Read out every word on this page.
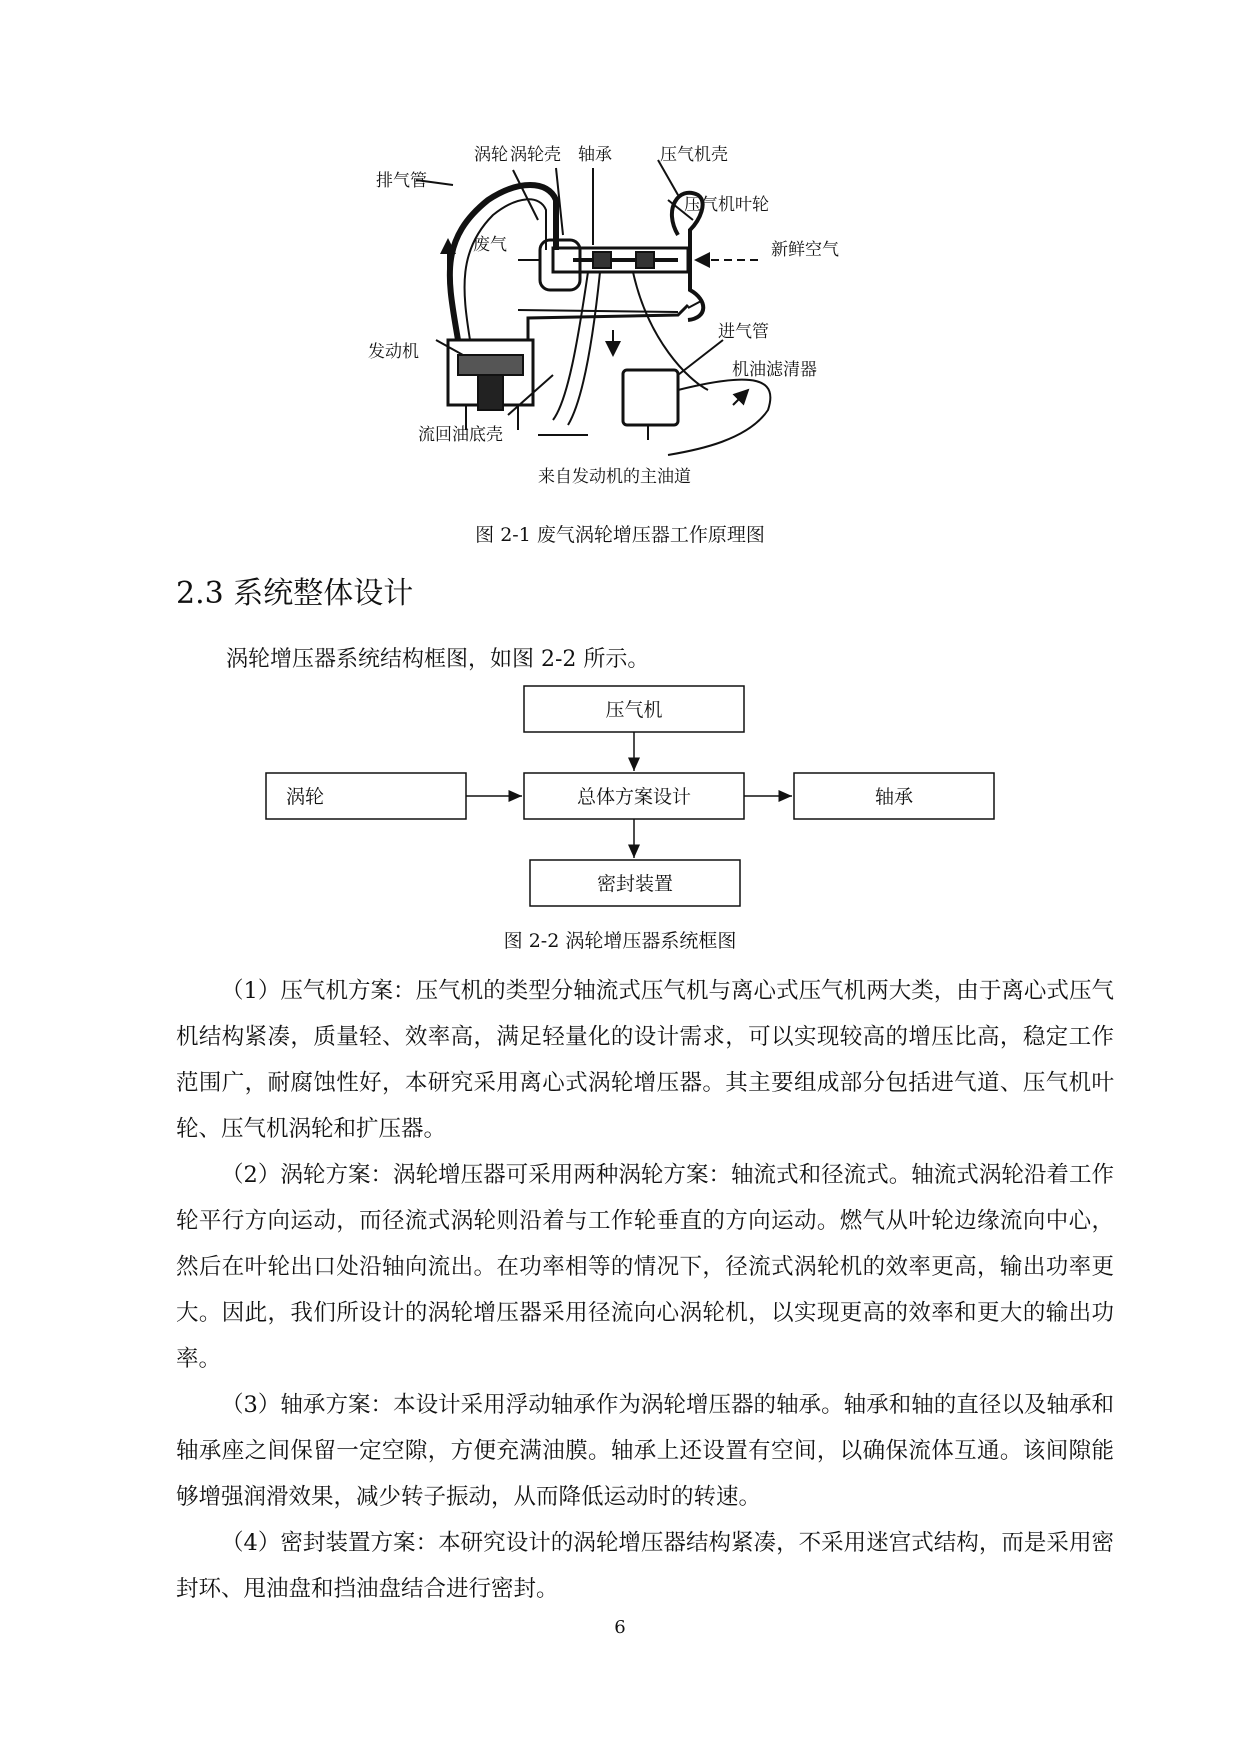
排气管
涡轮 涡轮壳 轴承	压气机壳
压气机叶轮
废气	新鲜空气
进气管
发动机
机油滤清器
流回油底壳
来自发动机的主油道
图 2-1 废气涡轮增压器工作原理图
2.3 系统整体设计
涡轮增压器系统结构框图，如图 2-2 所示。
压气机
涡轮	总体方案设计	轴承
密封装置
图 2-2 涡轮增压器系统框图

（1）压气机方案：压气机的类型分轴流式压气机与离心式压气机两大类，由于离心式压气机结构紧凑，质量轻、效率高，满足轻量化的设计需求，可以实现较高的增压比高，稳定工作范围广，耐腐蚀性好，本研究采用离心式涡轮增压器。其主要组成部分包括进气道、压气机叶轮、压气机涡轮和扩压器。

（2）涡轮方案：涡轮增压器可采用两种涡轮方案：轴流式和径流式。轴流式涡轮沿着工作轮平行方向运动，而径流式涡轮则沿着与工作轮垂直的方向运动。燃气从叶轮边缘流向中心，然后在叶轮出口处沿轴向流出。在功率相等的情况下，径流式涡轮机的效率更高，输出功率更大。因此，我们所设计的涡轮增压器采用径流向心涡轮机，以实现更高的效率和更大的输出功率。

（3）轴承方案：本设计采用浮动轴承作为涡轮增压器的轴承。轴承和轴的直径以及轴承和轴承座之间保留一定空隙，方便充满油膜。轴承上还设置有空间，以确保流体互通。该间隙能够增强润滑效果，减少转子振动，从而降低运动时的转速。

（4）密封装置方案：本研究设计的涡轮增压器结构紧凑，不采用迷宫式结构，而是采用密封环、甩油盘和挡油盘结合进行密封。

6
